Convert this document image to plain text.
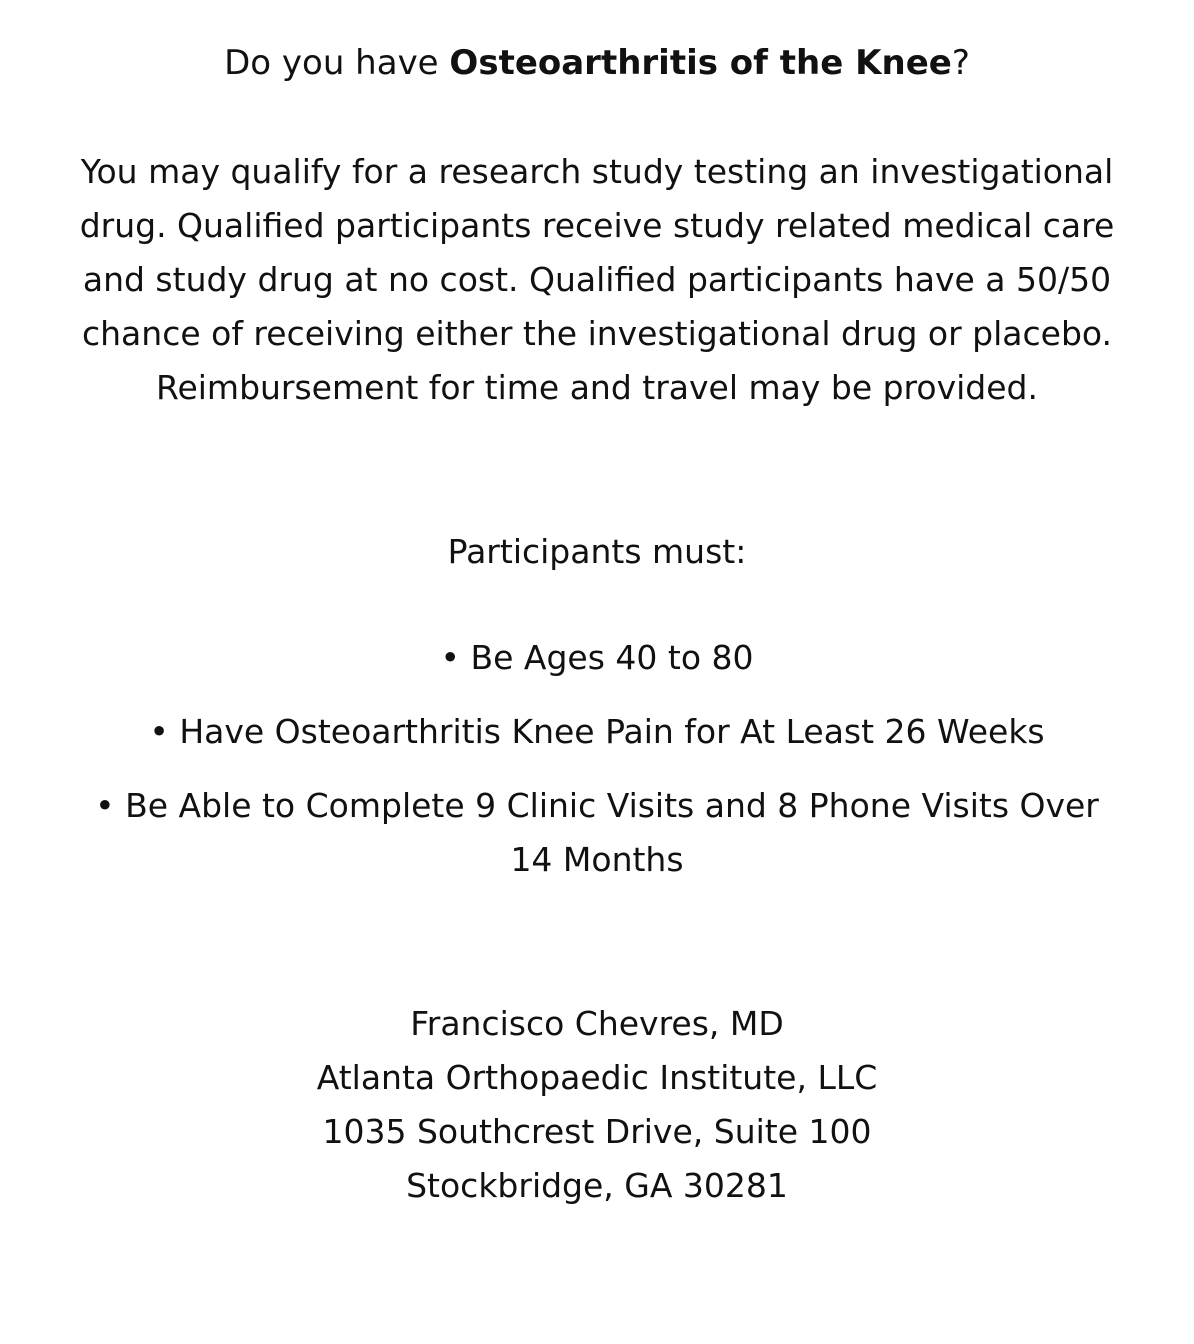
Do you have Osteoarthritis of the Knee?

You may qualify for a research study testing an investigational drug. Qualified participants receive study related medical care and study drug at no cost. Qualified participants have a 50/50 chance of receiving either the investigational drug or placebo. Reimbursement for time and travel may be provided.

Participants must:

• Be Ages 40 to 80
• Have Osteoarthritis Knee Pain for At Least 26 Weeks
• Be Able to Complete 9 Clinic Visits and 8 Phone Visits Over 14 Months
Francisco Chevres, MD
Atlanta Orthopaedic Institute, LLC
1035 Southcrest Drive, Suite 100
Stockbridge, GA 30281
